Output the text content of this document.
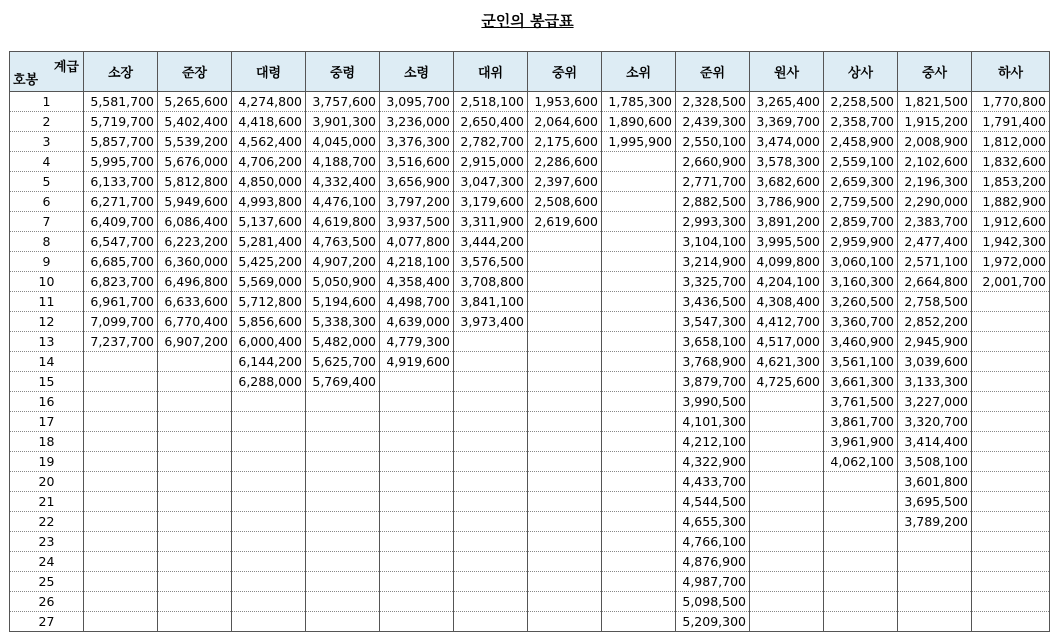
군인의 봉급표
계급
호봉	소장	준장	대령	중령	소령	대위	중위	소위	준위	원사	상사	중사	하사
1	5,581,700	5,265,600	4,274,800	3,757,600	3,095,700	2,518,100	1,953,600	1,785,300	2,328,500	3,265,400	2,258,500	1,821,500	1,770,800
2	5,719,700	5,402,400	4,418,600	3,901,300	3,236,000	2,650,400	2,064,600	1,890,600	2,439,300	3,369,700	2,358,700	1,915,200	1,791,400
3	5,857,700	5,539,200	4,562,400	4,045,000	3,376,300	2,782,700	2,175,600	1,995,900	2,550,100	3,474,000	2,458,900	2,008,900	1,812,000
4	5,995,700	5,676,000	4,706,200	4,188,700	3,516,600	2,915,000	2,286,600		2,660,900	3,578,300	2,559,100	2,102,600	1,832,600
5	6,133,700	5,812,800	4,850,000	4,332,400	3,656,900	3,047,300	2,397,600		2,771,700	3,682,600	2,659,300	2,196,300	1,853,200
6	6,271,700	5,949,600	4,993,800	4,476,100	3,797,200	3,179,600	2,508,600		2,882,500	3,786,900	2,759,500	2,290,000	1,882,900
7	6,409,700	6,086,400	5,137,600	4,619,800	3,937,500	3,311,900	2,619,600		2,993,300	3,891,200	2,859,700	2,383,700	1,912,600
8	6,547,700	6,223,200	5,281,400	4,763,500	4,077,800	3,444,200			3,104,100	3,995,500	2,959,900	2,477,400	1,942,300
9	6,685,700	6,360,000	5,425,200	4,907,200	4,218,100	3,576,500			3,214,900	4,099,800	3,060,100	2,571,100	1,972,000
10	6,823,700	6,496,800	5,569,000	5,050,900	4,358,400	3,708,800			3,325,700	4,204,100	3,160,300	2,664,800	2,001,700
11	6,961,700	6,633,600	5,712,800	5,194,600	4,498,700	3,841,100			3,436,500	4,308,400	3,260,500	2,758,500	
12	7,099,700	6,770,400	5,856,600	5,338,300	4,639,000	3,973,400			3,547,300	4,412,700	3,360,700	2,852,200	
13	7,237,700	6,907,200	6,000,400	5,482,000	4,779,300				3,658,100	4,517,000	3,460,900	2,945,900	
14			6,144,200	5,625,700	4,919,600				3,768,900	4,621,300	3,561,100	3,039,600	
15			6,288,000	5,769,400					3,879,700	4,725,600	3,661,300	3,133,300	
16									3,990,500		3,761,500	3,227,000	
17									4,101,300		3,861,700	3,320,700	
18									4,212,100		3,961,900	3,414,400	
19									4,322,900		4,062,100	3,508,100	
20									4,433,700			3,601,800	
21									4,544,500			3,695,500	
22									4,655,300			3,789,200	
23									4,766,100				
24									4,876,900				
25									4,987,700				
26									5,098,500				
27									5,209,300				
